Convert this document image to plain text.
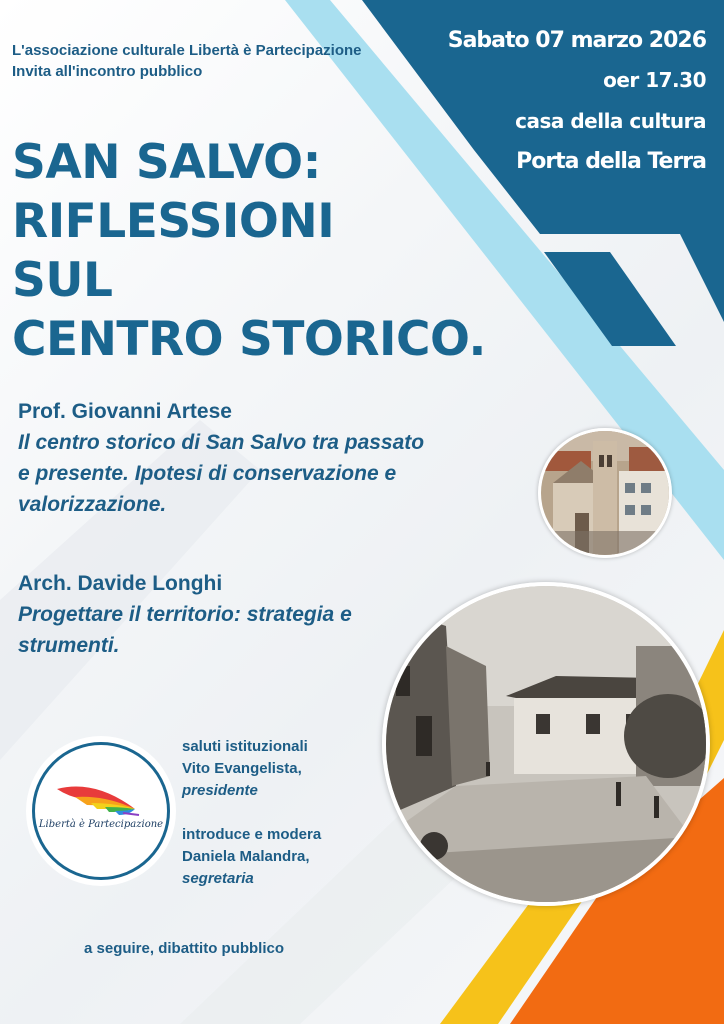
L'associazione culturale Libertà è Partecipazione
Invita all'incontro pubblico
Sabato 07 marzo 2026
oer 17.30
casa della cultura
Porta della Terra
SAN SALVO:
RIFLESSIONI
SUL
CENTRO STORICO.
Prof. Giovanni Artese
Il centro storico di San Salvo tra passato e presente. Ipotesi di conservazione e valorizzazione.
Arch. Davide Longhi
Progettare il territorio: strategia e strumenti.
Libertà è Partecipazione
saluti istituzionali
Vito Evangelista,
presidente
introduce e modera
Daniela Malandra,
segretaria
a seguire, dibattito pubblico
